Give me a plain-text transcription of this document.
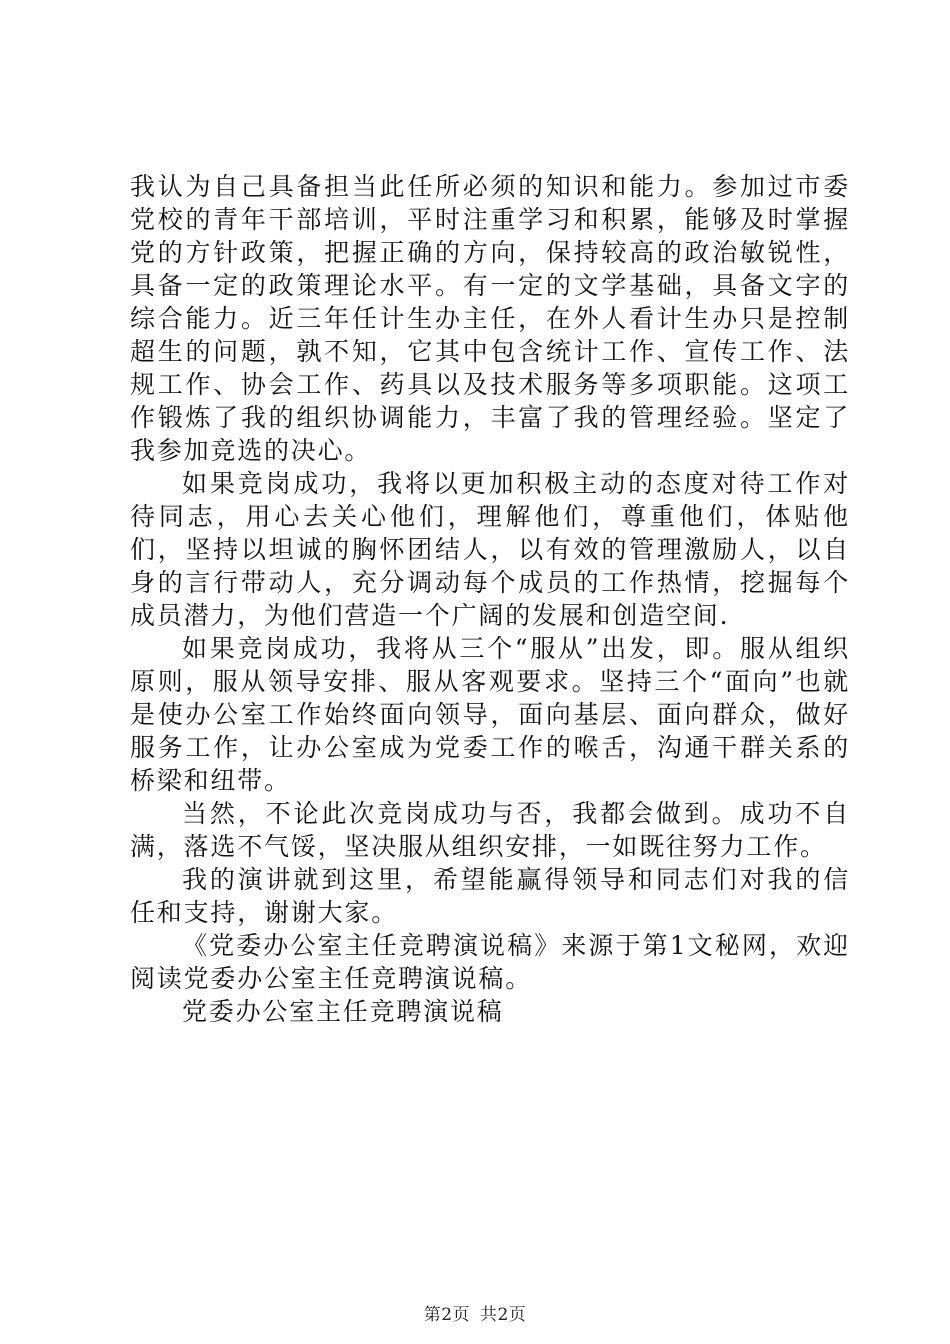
我认为自己具备担当此任所必须的知识和能力。参加过市委党校的青年干部培训，平时注重学习和积累，能够及时掌握党的方针政策，把握正确的方向，保持较高的政治敏锐性，具备一定的政策理论水平。有一定的文学基础，具备文字的综合能力。近三年任计生办主任，在外人看计生办只是控制超生的问题，孰不知，它其中包含统计工作、宣传工作、法规工作、协会工作、药具以及技术服务等多项职能。这项工作锻炼了我的组织协调能力，丰富了我的管理经验。坚定了我参加竞选的决心。

如果竞岗成功，我将以更加积极主动的态度对待工作对待同志，用心去关心他们，理解他们，尊重他们，体贴他们，坚持以坦诚的胸怀团结人，以有效的管理激励人，以自身的言行带动人，充分调动每个成员的工作热情，挖掘每个成员潜力，为他们营造一个广阔的发展和创造空间.

如果竞岗成功，我将从三个“服从”出发，即。服从组织原则，服从领导安排、服从客观要求。坚持三个“面向”也就是使办公室工作始终面向领导，面向基层、面向群众，做好服务工作，让办公室成为党委工作的喉舌，沟通干群关系的桥梁和纽带。

当然，不论此次竞岗成功与否，我都会做到。成功不自满，落选不气馁，坚决服从组织安排，一如既往努力工作。

我的演讲就到这里，希望能赢得领导和同志们对我的信任和支持，谢谢大家。

《党委办公室主任竞聘演说稿》来源于第1文秘网，欢迎阅读党委办公室主任竞聘演说稿。

党委办公室主任竞聘演说稿

第2页 共2页
